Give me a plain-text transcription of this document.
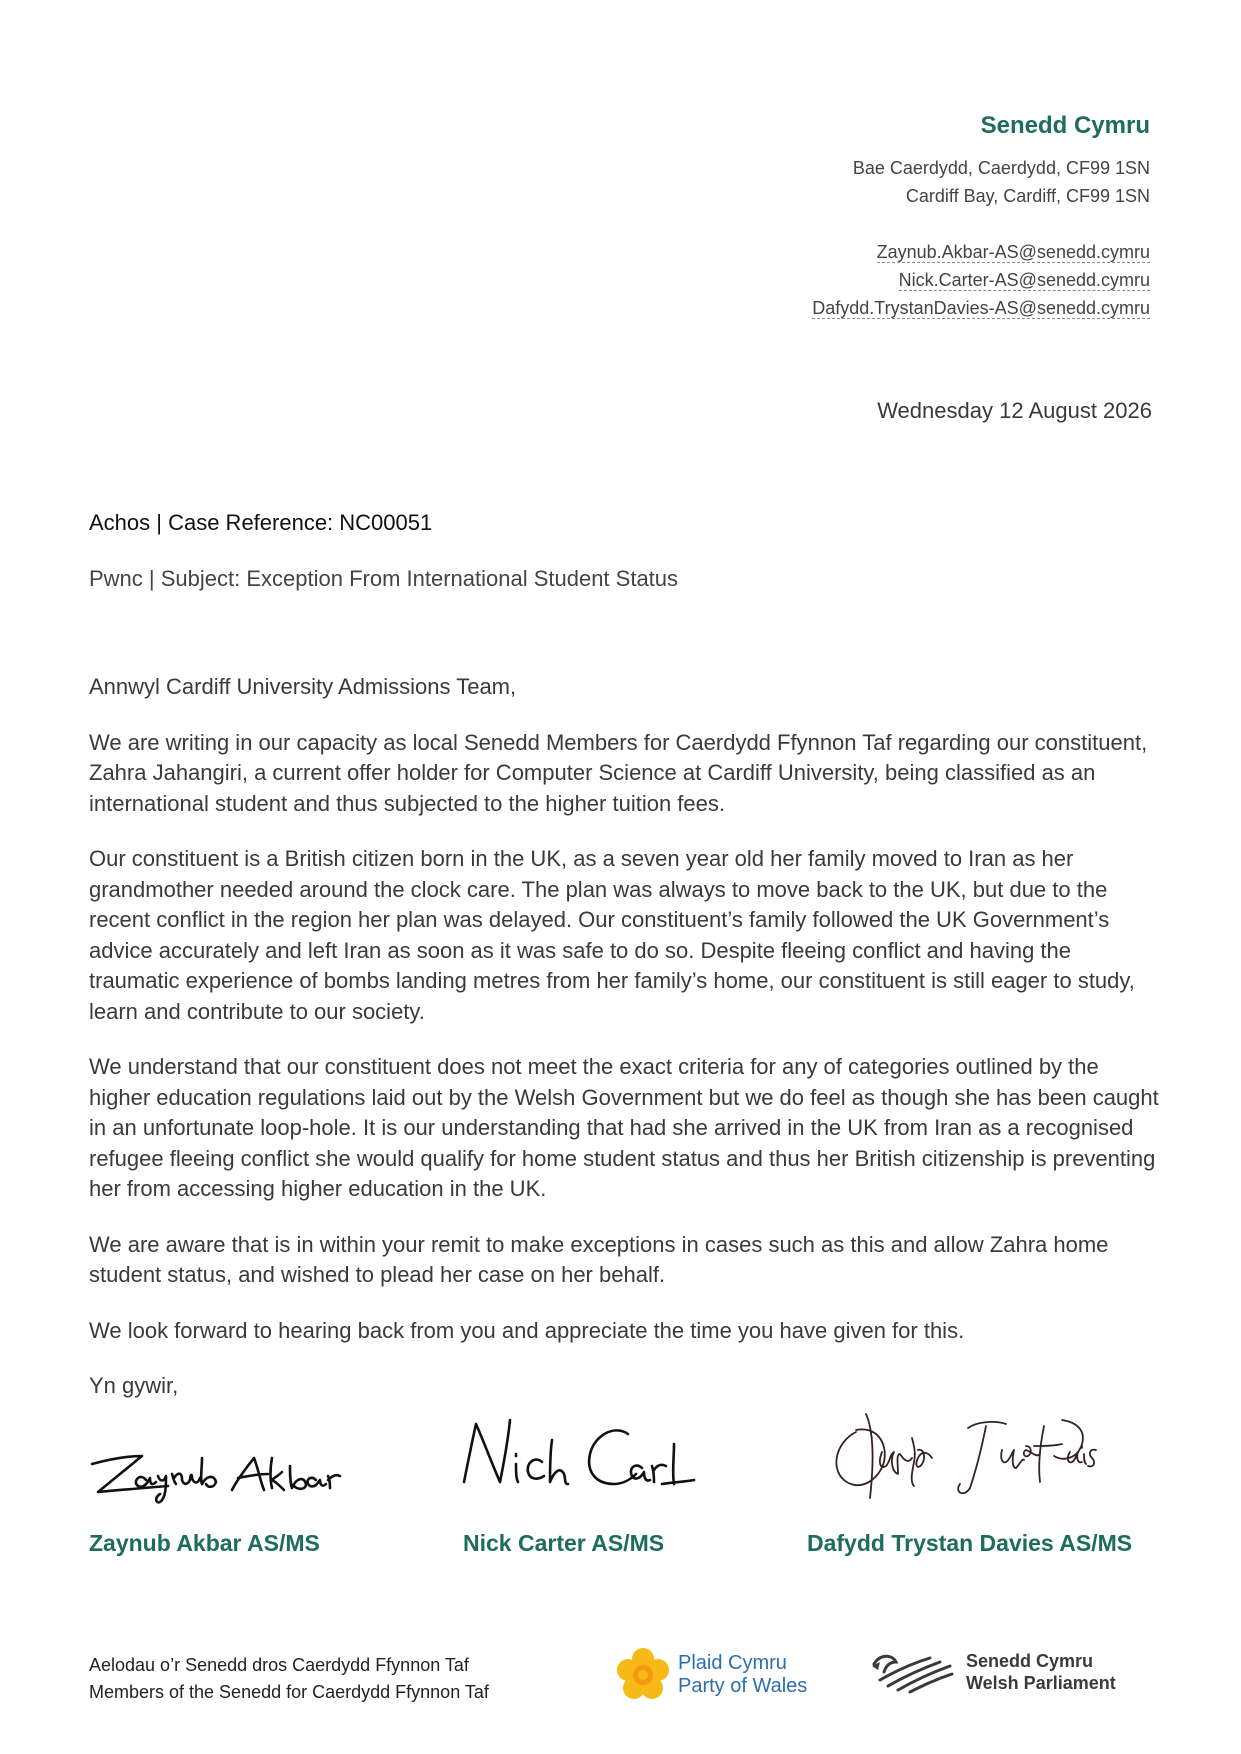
Senedd Cymru
Bae Caerdydd, Caerdydd, CF99 1SN
Cardiff Bay, Cardiff, CF99 1SN
Zaynub.Akbar-AS@senedd.cymru
Nick.Carter-AS@senedd.cymru
Dafydd.TrystanDavies-AS@senedd.cymru
Wednesday 12 August 2026
Achos | Case Reference: NC00051
Pwnc | Subject: Exception From International Student Status

Annwyl Cardiff University Admissions Team,

We are writing in our capacity as local Senedd Members for Caerdydd Ffynnon Taf regarding our constituent, Zahra Jahangiri, a current offer holder for Computer Science at Cardiff University, being classified as an international student and thus subjected to the higher tuition fees.

Our constituent is a British citizen born in the UK, as a seven year old her family moved to Iran as her grandmother needed around the clock care. The plan was always to move back to the UK, but due to the recent conflict in the region her plan was delayed. Our constituent’s family followed the UK Government’s advice accurately and left Iran as soon as it was safe to do so. Despite fleeing conflict and having the traumatic experience of bombs landing metres from her family’s home, our constituent is still eager to study, learn and contribute to our society.

We understand that our constituent does not meet the exact criteria for any of categories outlined by the higher education regulations laid out by the Welsh Government but we do feel as though she has been caught in an unfortunate loop-hole. It is our understanding that had she arrived in the UK from Iran as a recognised refugee fleeing conflict she would qualify for home student status and thus her British citizenship is preventing her from accessing higher education in the UK.

We are aware that is in within your remit to make exceptions in cases such as this and allow Zahra home student status, and wished to plead her case on her behalf.

We look forward to hearing back from you and appreciate the time you have given for this.

Yn gywir,

Zaynub Akbar AS/MS	Nick Carter AS/MS	Dafydd Trystan Davies AS/MS
Aelodau o’r Senedd dros Caerdydd Ffynnon Taf
Members of the Senedd for Caerdydd Ffynnon Taf
Plaid Cymru
Party of Wales
Senedd Cymru
Welsh Parliament
